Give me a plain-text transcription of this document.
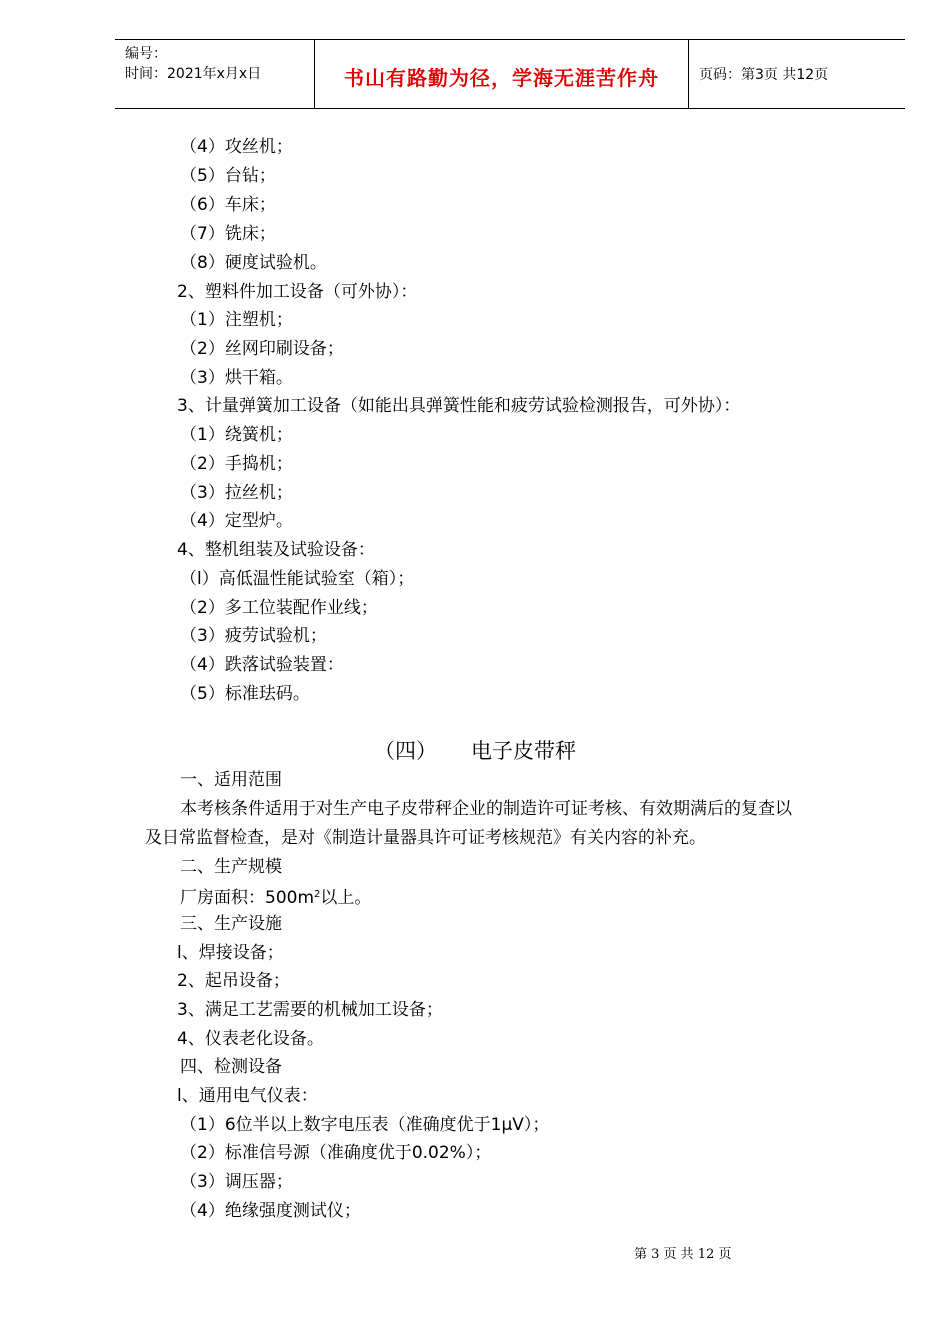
编号：
时间：2021年x月x日	书山有路勤为径，学海无涯苦作舟	页码：第3页 共12页
（4）攻丝机；
（5）台钻；
（6）车床；
（7）铣床；
（8）硬度试验机。
2、塑料件加工设备（可外协）：
（1）注塑机；
（2）丝网印刷设备；
（3）烘干箱。
3、计量弹簧加工设备（如能出具弹簧性能和疲劳试验检测报告，可外协）：
（1）绕簧机；
（2）手捣机；
（3）拉丝机；
（4）定型炉。
4、整机组装及试验设备：
（l）高低温性能试验室（箱）；
（2）多工位装配作业线；
（3）疲劳试验机；
（4）跌落试验装置：
（5）标准珐码。
（四） 电子皮带秤
一、适用范围
本考核条件适用于对生产电子皮带秤企业的制造许可证考核、有效期满后的复查以
及日常监督检查，是对《制造计量器具许可证考核规范》有关内容的补充。
二、生产规模
厂房面积：$500m^2$以上。
三、生产设施
l、焊接设备；
2、起吊设备；
3、满足工艺需要的机械加工设备；
4、仪表老化设备。
四、检测设备
l、通用电气仪表：
（1）6位半以上数字电压表（准确度优于1μV）；
（2）标准信号源（准确度优于0.02%）；
（3）调压器；
（4）绝缘强度测试仪；
第 3 页 共 12 页
